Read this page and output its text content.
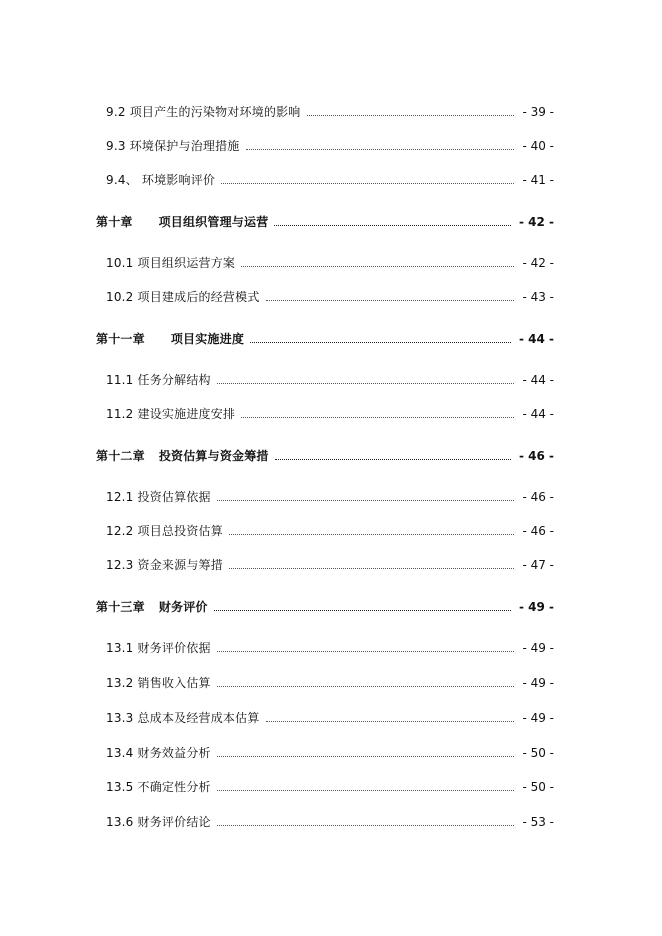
9.2 项目产生的污染物对环境的影响	- 39 -
9.3 环境保护与治理措施	- 40 -
9.4、 环境影响评价	- 41 -
第十章 项目组织管理与运营	- 42 -
10.1 项目组织运营方案	- 42 -
10.2 项目建成后的经营模式	- 43 -
第十一章 项目实施进度	- 44 -
11.1 任务分解结构	- 44 -
11.2 建设实施进度安排	- 44 -
第十二章 投资估算与资金筹措	- 46 -
12.1 投资估算依据	- 46 -
12.2 项目总投资估算	- 46 -
12.3 资金来源与筹措	- 47 -
第十三章 财务评价	- 49 -
13.1 财务评价依据	- 49 -
13.2 销售收入估算	- 49 -
13.3 总成本及经营成本估算	- 49 -
13.4 财务效益分析	- 50 -
13.5 不确定性分析	- 50 -
13.6 财务评价结论	- 53 -
